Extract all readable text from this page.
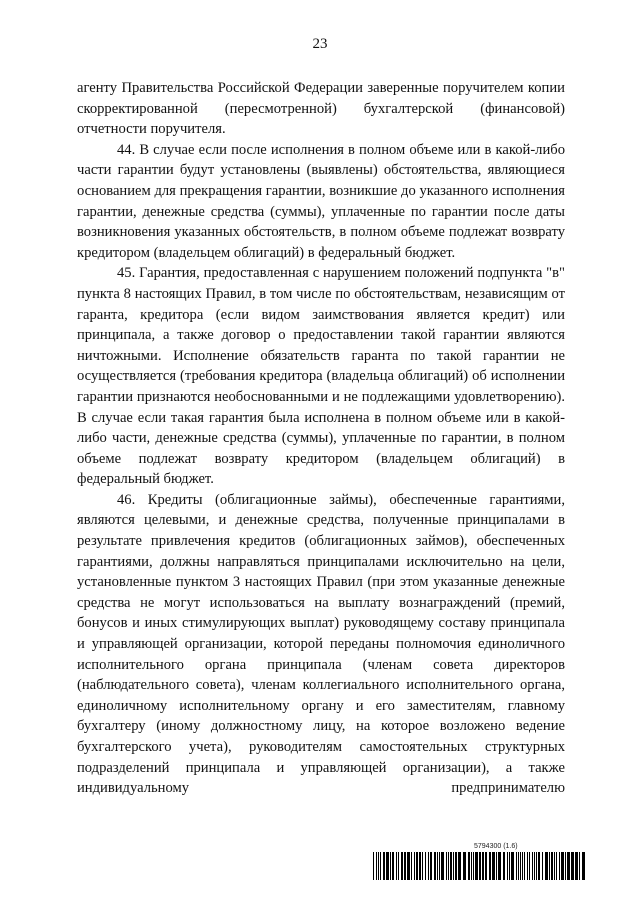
23

агенту Правительства Российской Федерации заверенные поручителем копии скорректированной (пересмотренной) бухгалтерской (финансовой) отчетности поручителя.

44. В случае если после исполнения в полном объеме или в какой-либо части гарантии будут установлены (выявлены) обстоятельства, являющиеся основанием для прекращения гарантии, возникшие до указанного исполнения гарантии, денежные средства (суммы), уплаченные по гарантии после даты возникновения указанных обстоятельств, в полном объеме подлежат возврату кредитором (владельцем облигаций) в федеральный бюджет.

45. Гарантия, предоставленная с нарушением положений подпункта "в" пункта 8 настоящих Правил, в том числе по обстоятельствам, независящим от гаранта, кредитора (если видом заимствования является кредит) или принципала, а также договор о предоставлении такой гарантии являются ничтожными. Исполнение обязательств гаранта по такой гарантии не осуществляется (требования кредитора (владельца облигаций) об исполнении гарантии признаются необоснованными и не подлежащими удовлетворению). В случае если такая гарантия была исполнена в полном объеме или в какой-либо части, денежные средства (суммы), уплаченные по гарантии, в полном объеме подлежат возврату кредитором (владельцем облигаций) в федеральный бюджет.

46. Кредиты (облигационные займы), обеспеченные гарантиями, являются целевыми, и денежные средства, полученные принципалами в результате привлечения кредитов (облигационных займов), обеспеченных гарантиями, должны направляться принципалами исключительно на цели, установленные пунктом 3 настоящих Правил (при этом указанные денежные средства не могут использоваться на выплату вознаграждений (премий, бонусов и иных стимулирующих выплат) руководящему составу принципала и управляющей организации, которой переданы полномочия единоличного исполнительного органа принципала (членам совета директоров (наблюдательного совета), членам коллегиального исполнительного органа, единоличному исполнительному органу и его заместителям, главному бухгалтеру (иному должностному лицу, на которое возложено ведение бухгалтерского учета), руководителям самостоятельных структурных подразделений принципала и управляющей организации), а также индивидуальному предпринимателю

5794300 (1.6)
